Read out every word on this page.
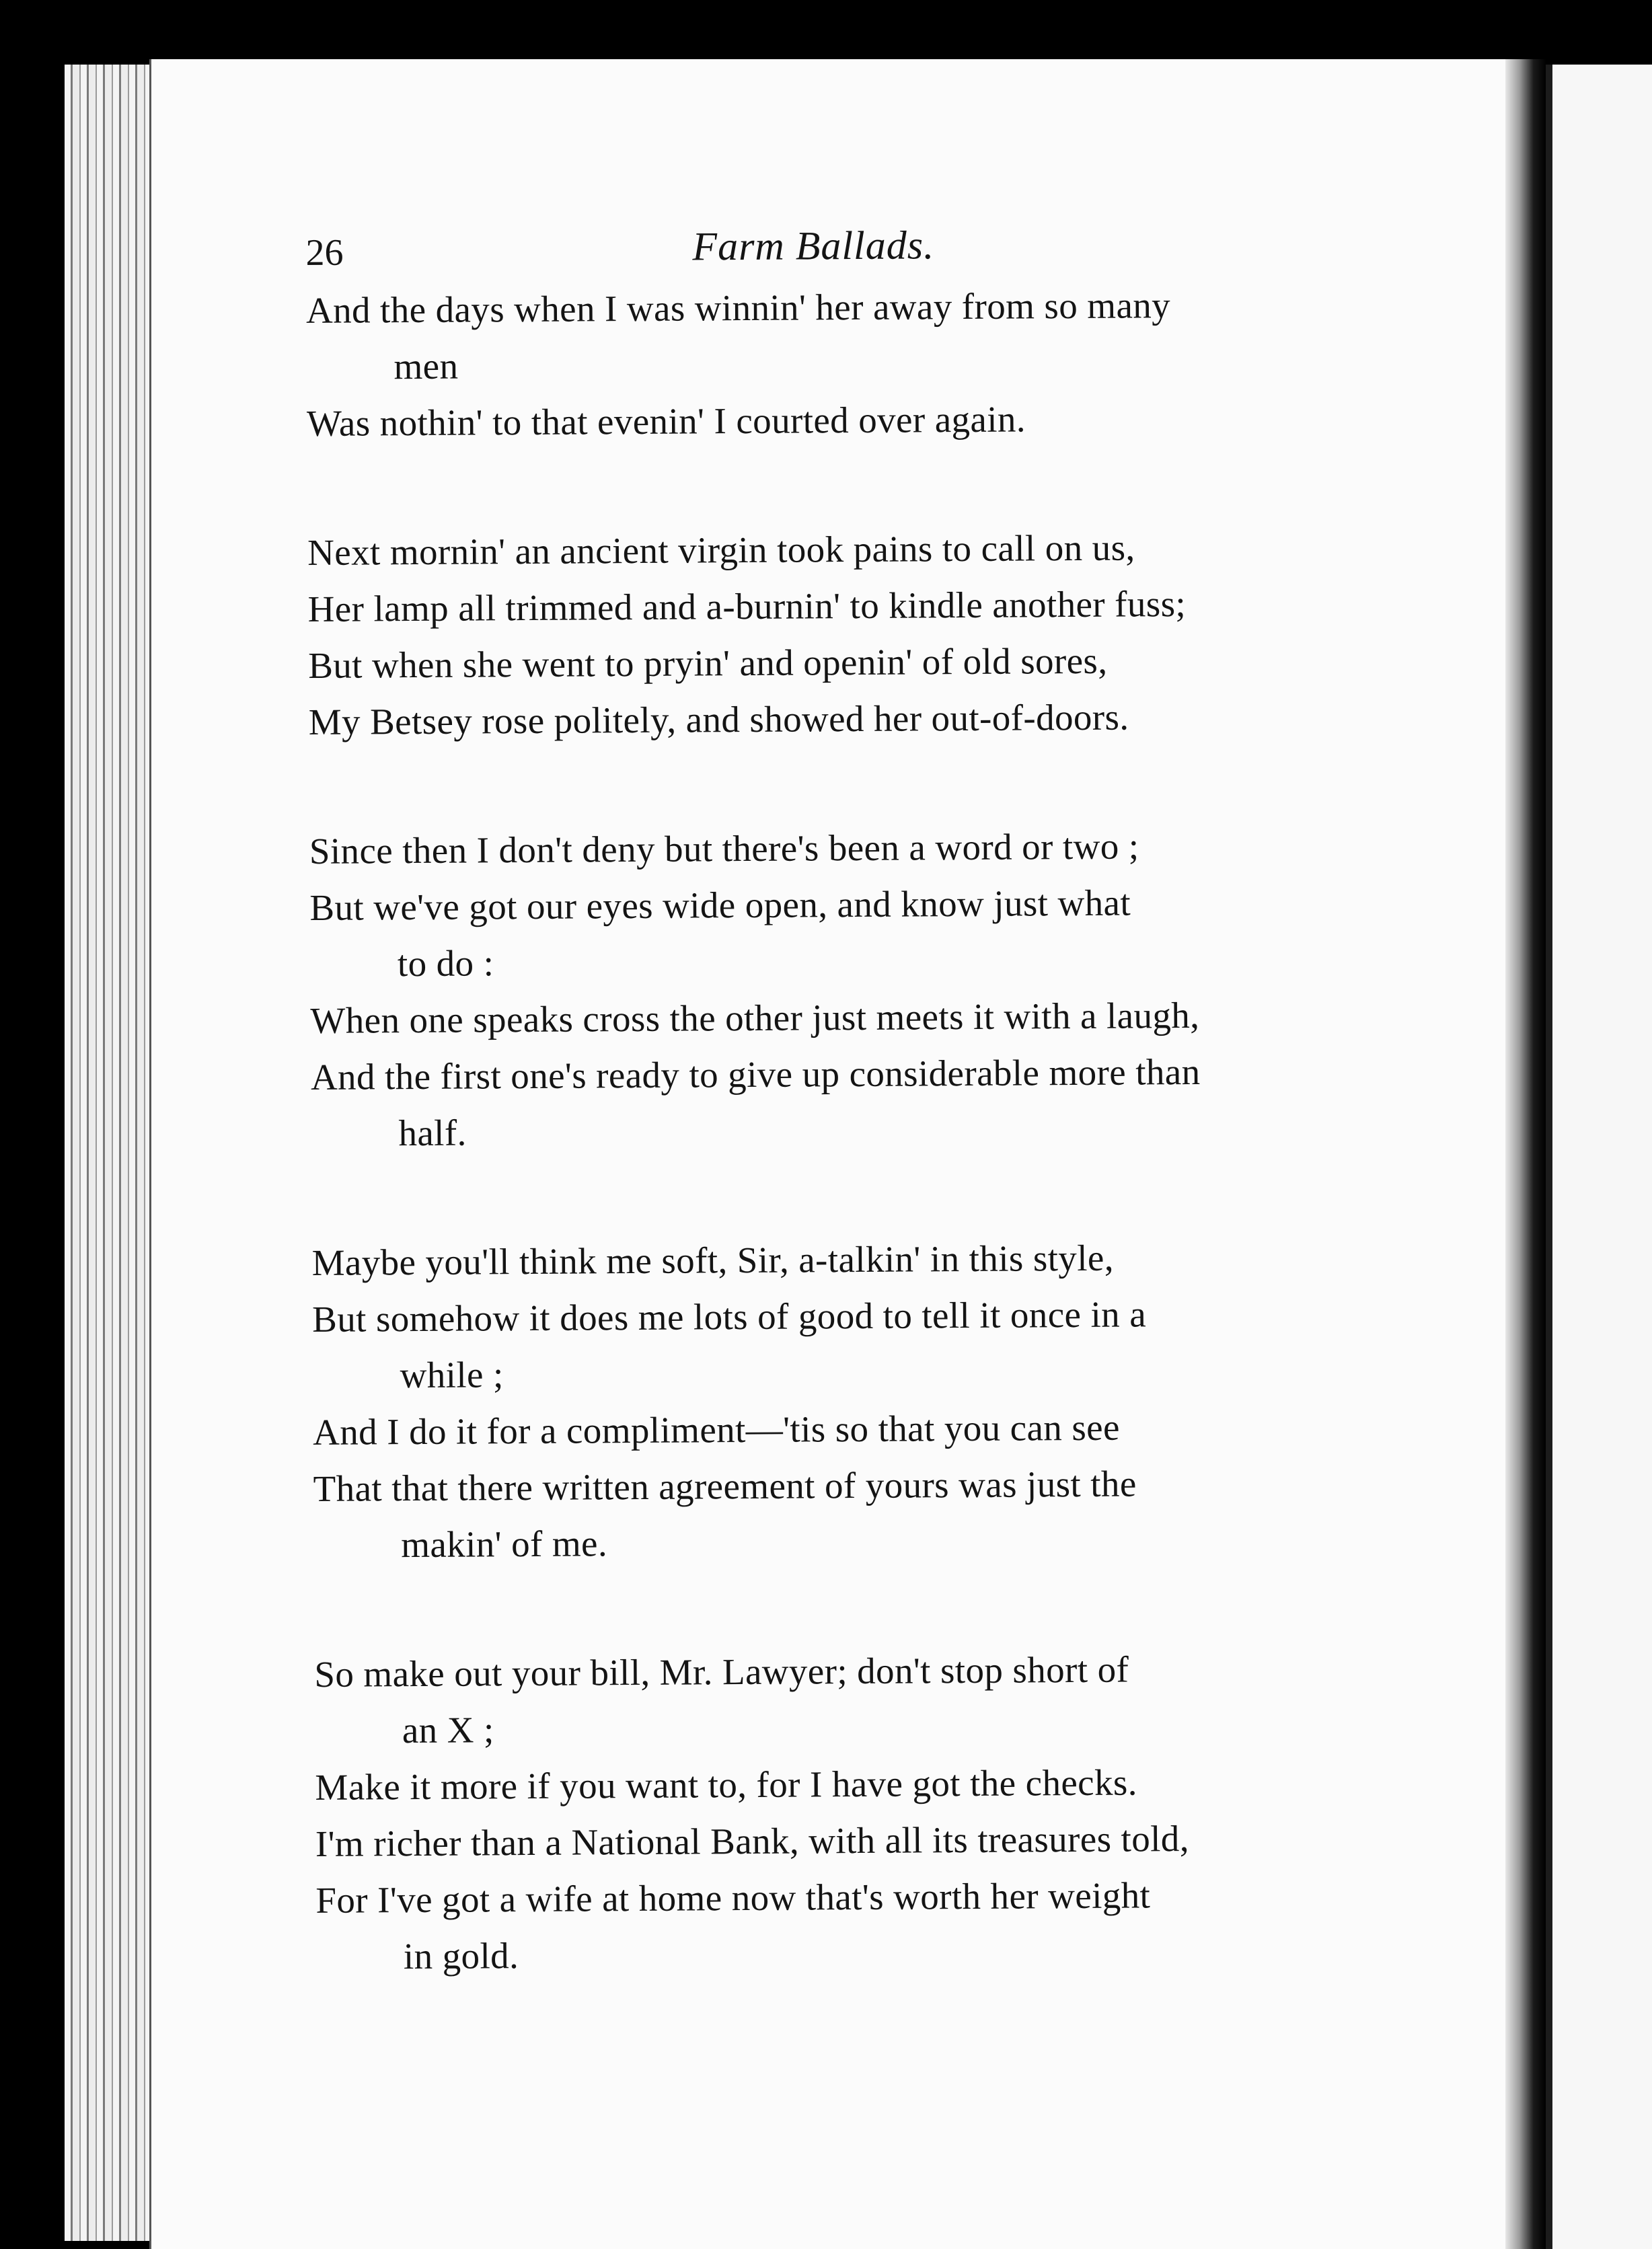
26	Farm Ballads.
And the days when I was winnin' her away from so many
men
Was nothin' to that evenin' I courted over again.
Next mornin' an ancient virgin took pains to call on us,
Her lamp all trimmed and a-burnin' to kindle another fuss;
But when she went to pryin' and openin' of old sores,
My Betsey rose politely, and showed her out-of-doors.
Since then I don't deny but there's been a word or two ;
But we've got our eyes wide open, and know just what
to do :
When one speaks cross the other just meets it with a laugh,
And the first one's ready to give up considerable more than
half.
Maybe you'll think me soft, Sir, a-talkin' in this style,
But somehow it does me lots of good to tell it once in a
while ;
And I do it for a compliment—'tis so that you can see
That that there written agreement of yours was just the
makin' of me.
So make out your bill, Mr. Lawyer; don't stop short of
an X ;
Make it more if you want to, for I have got the checks.
I'm richer than a National Bank, with all its treasures told,
For I've got a wife at home now that's worth her weight
in gold.
